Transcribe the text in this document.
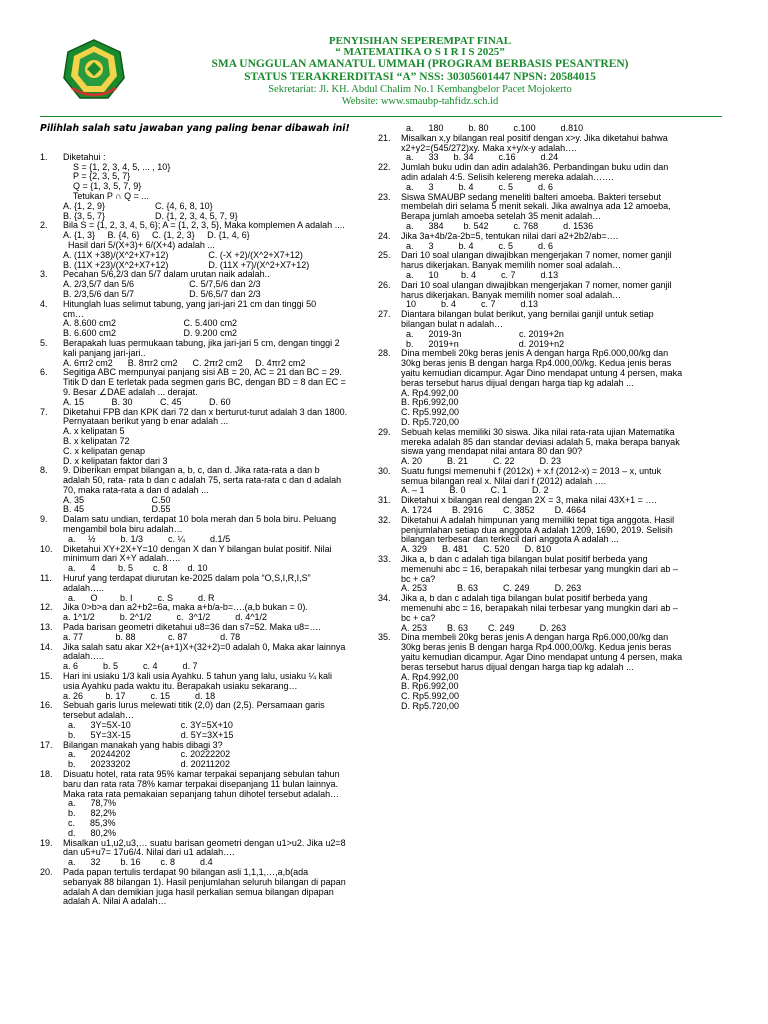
PENYISIHAN SEPEREMPAT FINAL
“ MATEMATIKA O S I R I S 2025”
SMA UNGGULAN AMANATUL UMMAH (PROGRAM BERBASIS PESANTREN)
STATUS TERAKRERDITASI “A” NSS: 30305601447 NPSN: 20584015
Sekretariat: Jl. KH. Abdul Chalim No.1 Kembangbelor Pacet Mojokerto
Website: www.smaubp-tahfidz.sch.id
Pilihlah salah satu jawaban yang paling benar dibawah ini!
1.	Diketahui :
S = {1, 2, 3, 4, 5, ... , 10}
P = {2, 3, 5, 7}
Q = {1, 3, 5, 7, 9}
Tetukan P ∩ Q = ...
A. {1, 2, 9}                    C. {4, 6, 8, 10}
B. {3, 5, 7}                    D. {1, 2, 3, 4, 5, 7, 9}
2.	Bila S = {1, 2, 3, 4, 5, 6}; A = {1, 2, 3, 5}, Maka komplemen A adalah ....
A. {1, 3}     B. {4, 6}     C. {1, 2, 3}     D. {1, 4, 6}
Hasil dari 5/(X+3)+ 6/(X+4) adalah ...
A. (11X +38)/(X^2+X7+12)                C. (-X +2)/(X^2+X7+12)
B. (11X +23)/(X^2+X7+12)                D. (11X +7)/(X^2+X7+12)
3.	Pecahan 5/6,2/3 dan 5/7 dalam urutan naik adalah..
A. 2/3,5/7 dan 5/6                      C. 5/7,5/6 dan 2/3
B. 2/3,5/6 dan 5/7                      D. 5/6,5/7 dan 2/3
4.	Hitunglah luas selimut tabung, yang jari-jari 21 cm dan tinggi 50
cm…
A. 8.600 cm2                           C. 5.400 cm2
B. 6.600 cm2                           D. 9.200 cm2
5.	Berapakah luas permukaan tabung, jika jari-jari 5 cm, dengan tinggi 2
kali panjang jari-jari..
A. 6πr2 cm2      B. 8πr2 cm2      C. 2πr2 cm2     D. 4πr2 cm2
6.	Segitiga ABC mempunyai panjang sisi AB = 20, AC = 21 dan BC = 29.
Titik D dan E terletak pada segmen garis BC, dengan BD = 8 dan EC =
9. Besar ∠DAE adalah ... derajat.
A. 15           B. 30           C. 45           D. 60
7.	Diketahui FPB dan KPK dari 72 dan x berturut-turut adalah 3 dan 1800.
Pernyataan berikut yang b enar adalah ...
A. x kelipatan 5
B. x kelipatan 72
C. x kelipatan genap
D. x kelipatan faktor dari 3
8.	9. Diberikan empat bilangan a, b, c, dan d. Jika rata-rata a dan b
adalah 50, rata- rata b dan c adalah 75, serta rata-rata c dan d adalah
70, maka rata-rata a dan d adalah ...
A. 35                           C.50
B. 45                           D.55
9.	Dalam satu undian, terdapat 10 bola merah dan 5 bola biru. Peluang
mengambil bola biru adalah…
a.     ½          b. 1/3          c. ¼          d.1/5
10.	Diketahui XY+2X+Y=10 dengan X dan Y bilangan bulat positif. Nilai
minimum dari X+Y adalah…..
a.      4         b. 5        c. 8        d. 10
11.	Huruf yang terdapat diurutan ke-2025 dalam pola “O,S,I,R,I,S”
adalah…..
a.      O         b. I          c. S          d. R
12.	Jika 0>b>a dan a2+b2=6a, maka a+b/a-b=….(a,b bukan = 0).
a. 1^1/2          b. 2^1/2          c.  3^1/2          d. 4^1/2
13.	Pada barisan geometri diketahui u8=36 dan s7=52. Maka u8=….
a. 77             b. 88             c. 87             d. 78
14.	Jika salah satu akar X2+(a+1)X+(32+2)=0 adalah 0, Maka akar lainnya
adalah…..
a. 6          b. 5          c. 4          d. 7
15.	Hari ini usiaku 1/3 kali usia Ayahku. 5 tahun yang lalu, usiaku ¼ kali
usia Ayahku pada waktu itu. Berapakah usiaku sekarang…
a. 26         b. 17          c. 15          d. 18
16.	Sebuah garis lurus melewati titik (2,0) dan (2,5). Persamaan garis
tersebut adalah…
a.      3Y=5X-10                    c. 3Y=5X+10
b.      5Y=3X-15                    d. 5Y=3X+15
17.	Bilangan manakah yang habis dibagi 3?
a.      20244202                    c. 20222202
b.      20233202                    d. 20211202
18.	Disuatu hotel, rata rata 95% kamar terpakai sepanjang sebulan tahun
baru dan rata rata 78% kamar terpakai disepanjang 11 bulan lainnya.
Maka rata rata pemakaian sepanjang tahun dihotel tersebut adalah…
a.      78,7%
b.      82,2%
c.      85,3%
d.      80,2%
19.	Misalkan u1,u2,u3,… suatu barisan geometri dengan u1>u2. Jika u2=8
dan u5+u7= 17u6/4. Nilai dari u1 adalah….
a.      32        b. 16        c. 8          d.4
20.	Pada papan tertulis terdapat 90 bilangan asli 1,1,1,…,a,b(ada
sebanyak 88 bilangan 1). Hasil penjumlahan seluruh bilangan di papan
adalah A dan demikian juga hasil perkalian semua bilangan dipapan
adalah A. Nilai A adalah…
a.      180          b. 80          c.100          d.810
21.	Misalkan x,y bilangan real positif dengan x>y. Jika diketahui bahwa
x2+y2=(545/272)xy. Maka x+y/x-y adalah….
a.      33      b. 34          c.16          d.24
22.	Jumlah buku udin dan adin adalah36. Perbandingan buku udin dan
adin adalah 4:5. Selisih kelereng mereka adalah…….
a.      3          b. 4          c. 5          d. 6
23.	Siswa SMAUBP sedang meneliti balteri amoeba. Bakteri tersebut
membelah diri selama 5 menit sekali. Jika awalnya ada 12 amoeba,
Berapa jumlah amoeba setelah 35 menit adalah…
a.      384        b. 542          c. 768          d. 1536
24.	Jika 3a+4b/2a-2b=5, tentukan nilai dari a2+2b2/ab=….
a.      3          b. 4          c. 5          d. 6
25.	Dari 10 soal ulangan diwajibkan mengerjakan 7 nomer, nomer ganjil
harus dikerjakan. Banyak memilih nomer soal adalah…
a.      10         b. 4          c. 7          d.13
26.	Dari 10 soal ulangan diwajibkan mengerjakan 7 nomer, nomer ganjil
harus dikerjakan. Banyak memilih nomer soal adalah…
10          b. 4          c. 7          d.13
27.	Diantara bilangan bulat berikut, yang bernilai ganjil untuk setiap
bilangan bulat n adalah…
a.      2019-3n                       c. 2019+2n
b.      2019+n                        d. 2019+n2
28.	Dina membeli 20kg beras jenis A dengan harga Rp6.000,00/kg dan
30kg beras jenis B dengan harga Rp4.000,00/kg. Kedua jenis beras
yaitu kemudian dicampur. Agar Dino mendapat untung 4 persen, maka
beras tersebut harus dijual dengan harga tiap kg adalah ...
A. Rp4.992,00
B. Rp6.992,00
C. Rp5.992,00
D. Rp5.720,00
29.	Sebuah kelas memiliki 30 siswa. Jika nilai rata-rata ujian Matematika
mereka adalah 85 dan standar deviasi adalah 5, maka berapa banyak
siswa yang mendapat nilai antara 80 dan 90?
A. 20          B. 21          C. 22          D. 23
30.	Suatu fungsi memenuhi f (2012x) + x.f (2012-x) = 2013 – x, untuk
semua bilangan real x. Nilai dari f (2012) adalah ….
A. – 1          B. 0          C. 1          D. 2
31.	Diketahui x bilangan real dengan 2X = 3, maka nilai 43X+1 = ….
A. 1724        B. 2916        C. 3852        D. 4664
32.	Diketahui A adalah himpunan yang memiliki tepat tiga anggota. Hasil
penjumlahan setiap dua anggota A adalah 1209, 1690, 2019. Selisih
bilangan terbesar dan terkecil dari anggota A adalah ...
A. 329      B. 481      C. 520      D. 810
33.	Jika a, b dan c adalah tiga bilangan bulat positif berbeda yang
memenuhi abc = 16, berapakah nilai terbesar yang mungkin dari ab –
bc + ca?
A. 253            B. 63          C. 249          D. 263
34.	Jika a, b dan c adalah tiga bilangan bulat positif berbeda yang
memenuhi abc = 16, berapakah nilai terbesar yang mungkin dari ab –
bc + ca?
A. 253        B. 63        C. 249          D. 263
35.	Dina membeli 20kg beras jenis A dengan harga Rp6.000,00/kg dan
30kg beras jenis B dengan harga Rp4.000,00/kg. Kedua jenis beras
yaitu kemudian dicampur. Agar Dino mendapat untung 4 persen, maka
beras tersebut harus dijual dengan harga tiap kg adalah ...
A. Rp4.992,00
B. Rp6.992,00
C. Rp5.992,00
D. Rp5.720,00
